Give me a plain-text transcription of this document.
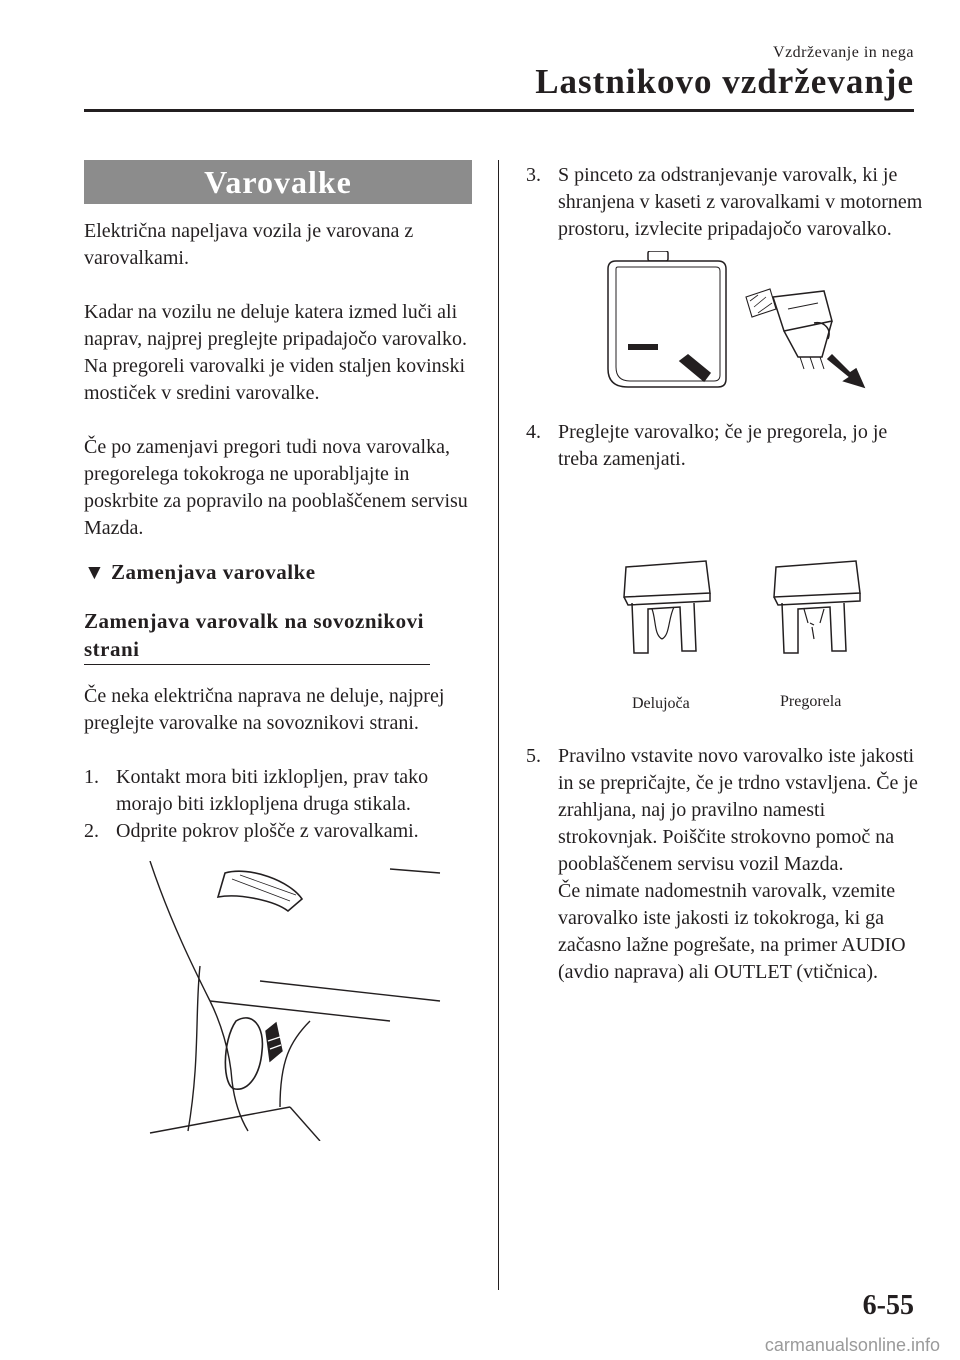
Vzdrževanje in nega
Lastnikovo vzdrževanje
Varovalke

Električna napeljava vozila je varovana z varovalkami.

Kadar na vozilu ne deluje katera izmed luči ali naprav, najprej preglejte pripadajočo varovalko. Na pregoreli varovalki je viden staljen kovinski mostiček v sredini varovalke.

Če po zamenjavi pregori tudi nova varovalka, pregorelega tokokroga ne uporabljajte in poskrbite za popravilo na pooblaščenem servisu Mazda.

▼ Zamenjava varovalke
Zamenjava varovalk na sovoznikovi strani

Če neka električna naprava ne deluje, najprej preglejte varovalke na sovoznikovi strani.

1. Kontakt mora biti izklopljen, prav tako morajo biti izklopljena druga stikala.
2. Odprite pokrov plošče z varovalkami.
3. S pinceto za odstranjevanje varovalk, ki je shranjena v kaseti z varovalkami v motornem prostoru, izvlecite pripadajočo varovalko.
4. Preglejte varovalko; če je pregorela, jo je treba zamenjati.
Delujoča	Pregorela
5. Pravilno vstavite novo varovalko iste jakosti in se prepričajte, če je trdno vstavljena. Če je zrahljana, naj jo pravilno namesti strokovnjak. Poiščite strokovno pomoč na pooblaščenem servisu vozil Mazda.
Če nimate nadomestnih varovalk, vzemite varovalko iste jakosti iz tokokroga, ki ga začasno lažne pogrešate, na primer AUDIO (avdio naprava) ali OUTLET (vtičnica).
6-55
carmanualsonline.info
